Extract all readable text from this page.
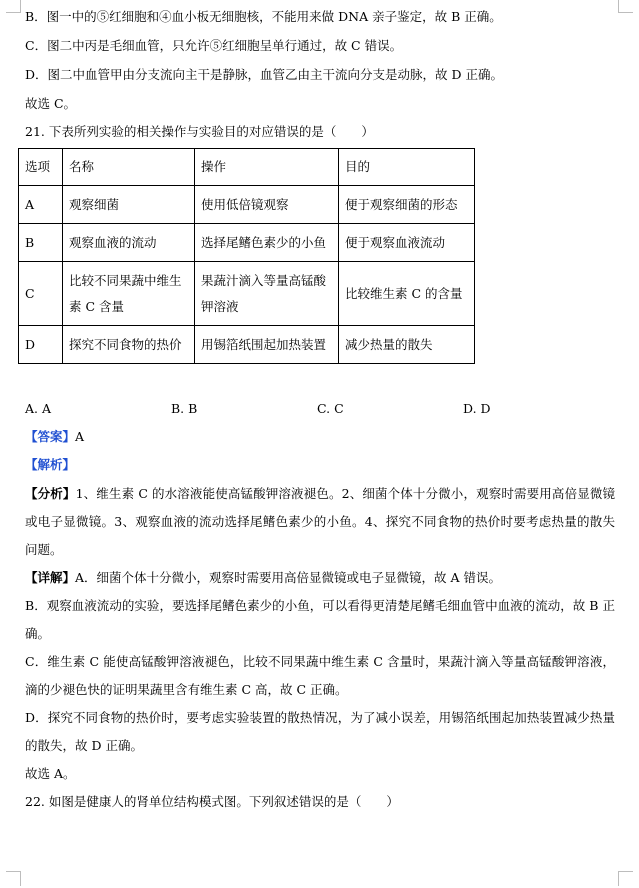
B．图一中的⑤红细胞和④血小板无细胞核，不能用来做 DNA 亲子鉴定，故 B 正确。
C．图二中丙是毛细血管，只允许⑤红细胞呈单行通过，故 C 错误。
D．图二中血管甲由分支流向主干是静脉，血管乙由主干流向分支是动脉，故 D 正确。
故选 C。
21. 下表所列实验的相关操作与实验目的对应错误的是（　　）
选项	名称	操作	目的
A	观察细菌	使用低倍镜观察	便于观察细菌的形态
B	观察血液的流动	选择尾鳍色素少的小鱼	便于观察血液流动
C	比较不同果蔬中维生素 C 含量	果蔬汁滴入等量高锰酸钾溶液	比较维生素 C 的含量
D	探究不同食物的热价	用锡箔纸围起加热装置	减少热量的散失
A. A	B. B	C. C	D. D
【答案】A
【解析】
【分析】1、维生素 C 的水溶液能使高锰酸钾溶液褪色。2、细菌个体十分微小，观察时需要用高倍显微镜或电子显微镜。3、观察血液的流动选择尾鳍色素少的小鱼。4、探究不同食物的热价时要考虑热量的散失问题。
【详解】A．细菌个体十分微小，观察时需要用高倍显微镜或电子显微镜，故 A 错误。
B．观察血液流动的实验，要选择尾鳍色素少的小鱼，可以看得更清楚尾鳍毛细血管中血液的流动，故 B 正确。
C．维生素 C 能使高锰酸钾溶液褪色，比较不同果蔬中维生素 C 含量时，果蔬汁滴入等量高锰酸钾溶液，滴的少褪色快的证明果蔬里含有维生素 C 高，故 C 正确。
D．探究不同食物的热价时，要考虑实验装置的散热情况，为了减小误差，用锡箔纸围起加热装置减少热量的散失，故 D 正确。
故选 A。
22. 如图是健康人的肾单位结构模式图。下列叙述错误的是（　　）
